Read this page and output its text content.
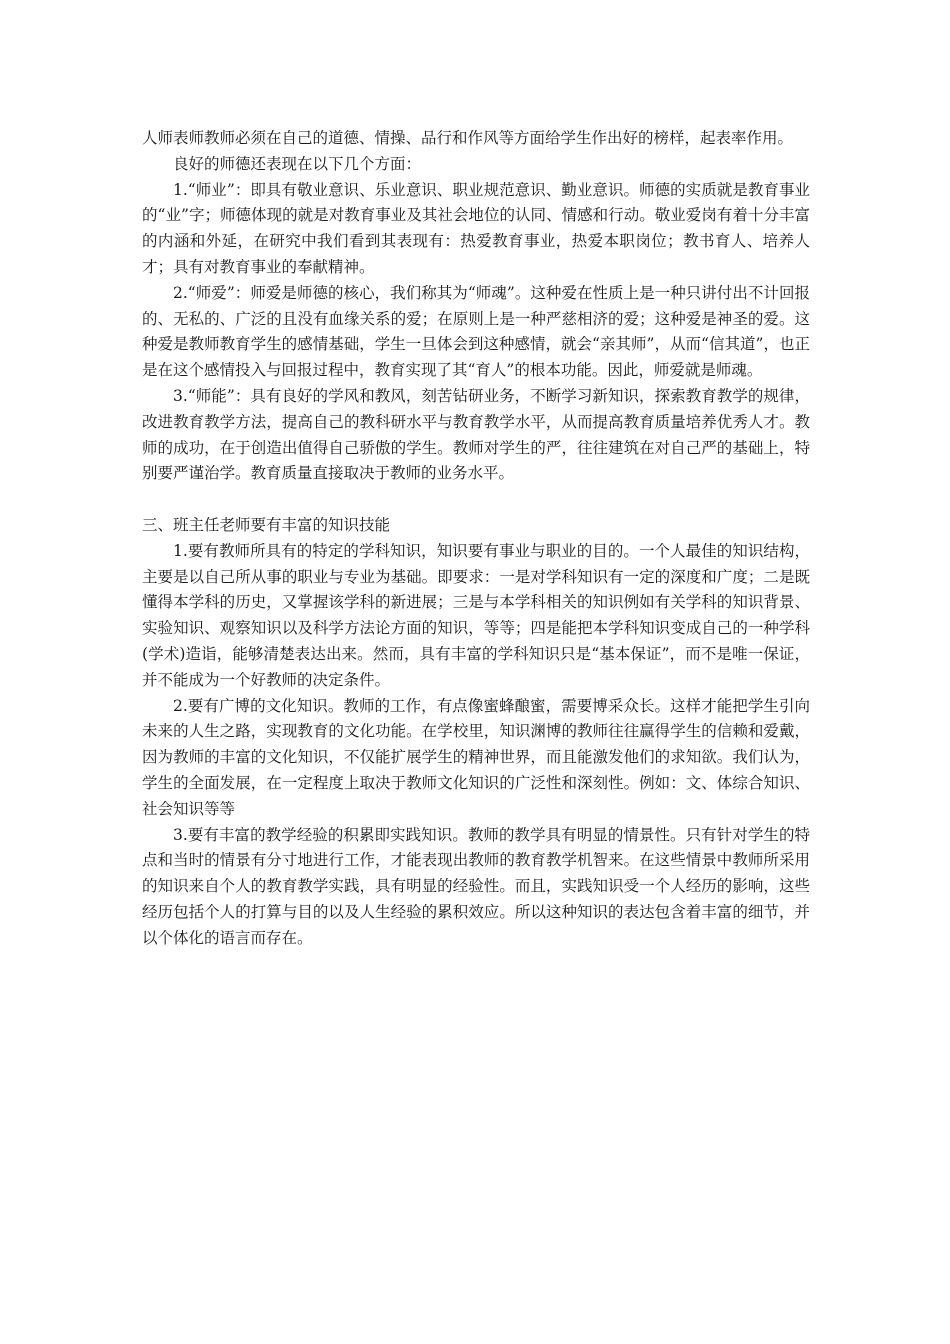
人师表师教师必须在自己的道德、情操、品行和作风等方面给学生作出好的榜样，起表率作用。

良好的师德还表现在以下几个方面：

1.“师业”：即具有敬业意识、乐业意识、职业规范意识、勤业意识。师德的实质就是教育事业的“业”字；师德体现的就是对教育事业及其社会地位的认同、情感和行动。敬业爱岗有着十分丰富的内涵和外延，在研究中我们看到其表现有：热爱教育事业，热爱本职岗位；教书育人、培养人才；具有对教育事业的奉献精神。

2.“师爱”：师爱是师德的核心，我们称其为“师魂”。这种爱在性质上是一种只讲付出不计回报的、无私的、广泛的且没有血缘关系的爱；在原则上是一种严慈相济的爱；这种爱是神圣的爱。这种爱是教师教育学生的感情基础，学生一旦体会到这种感情，就会“亲其师”，从而“信其道”，也正是在这个感情投入与回报过程中，教育实现了其“育人”的根本功能。因此，师爱就是师魂。

3.“师能”：具有良好的学风和教风，刻苦钻研业务，不断学习新知识，探索教育教学的规律，改进教育教学方法，提高自己的教科研水平与教育教学水平，从而提高教育质量培养优秀人才。教师的成功，在于创造出值得自己骄傲的学生。教师对学生的严，往往建筑在对自己严的基础上，特别要严谨治学。教育质量直接取决于教师的业务水平。

三、班主任老师要有丰富的知识技能

1.要有教师所具有的特定的学科知识，知识要有事业与职业的目的。一个人最佳的知识结构，主要是以自己所从事的职业与专业为基础。即要求：一是对学科知识有一定的深度和广度；二是既懂得本学科的历史，又掌握该学科的新进展；三是与本学科相关的知识例如有关学科的知识背景、实验知识、观察知识以及科学方法论方面的知识，等等；四是能把本学科知识变成自己的一种学科(学术)造诣，能够清楚表达出来。然而，具有丰富的学科知识只是“基本保证”，而不是唯一保证，并不能成为一个好教师的决定条件。

2.要有广博的文化知识。教师的工作，有点像蜜蜂酿蜜，需要博采众长。这样才能把学生引向未来的人生之路，实现教育的文化功能。在学校里，知识渊博的教师往往赢得学生的信赖和爱戴，因为教师的丰富的文化知识，不仅能扩展学生的精神世界，而且能激发他们的求知欲。我们认为，学生的全面发展，在一定程度上取决于教师文化知识的广泛性和深刻性。例如：文、体综合知识、社会知识等等

3.要有丰富的教学经验的积累即实践知识。教师的教学具有明显的情景性。只有针对学生的特点和当时的情景有分寸地进行工作，才能表现出教师的教育教学机智来。在这些情景中教师所采用的知识来自个人的教育教学实践，具有明显的经验性。而且，实践知识受一个人经历的影响，这些经历包括个人的打算与目的以及人生经验的累积效应。所以这种知识的表达包含着丰富的细节，并以个体化的语言而存在。
